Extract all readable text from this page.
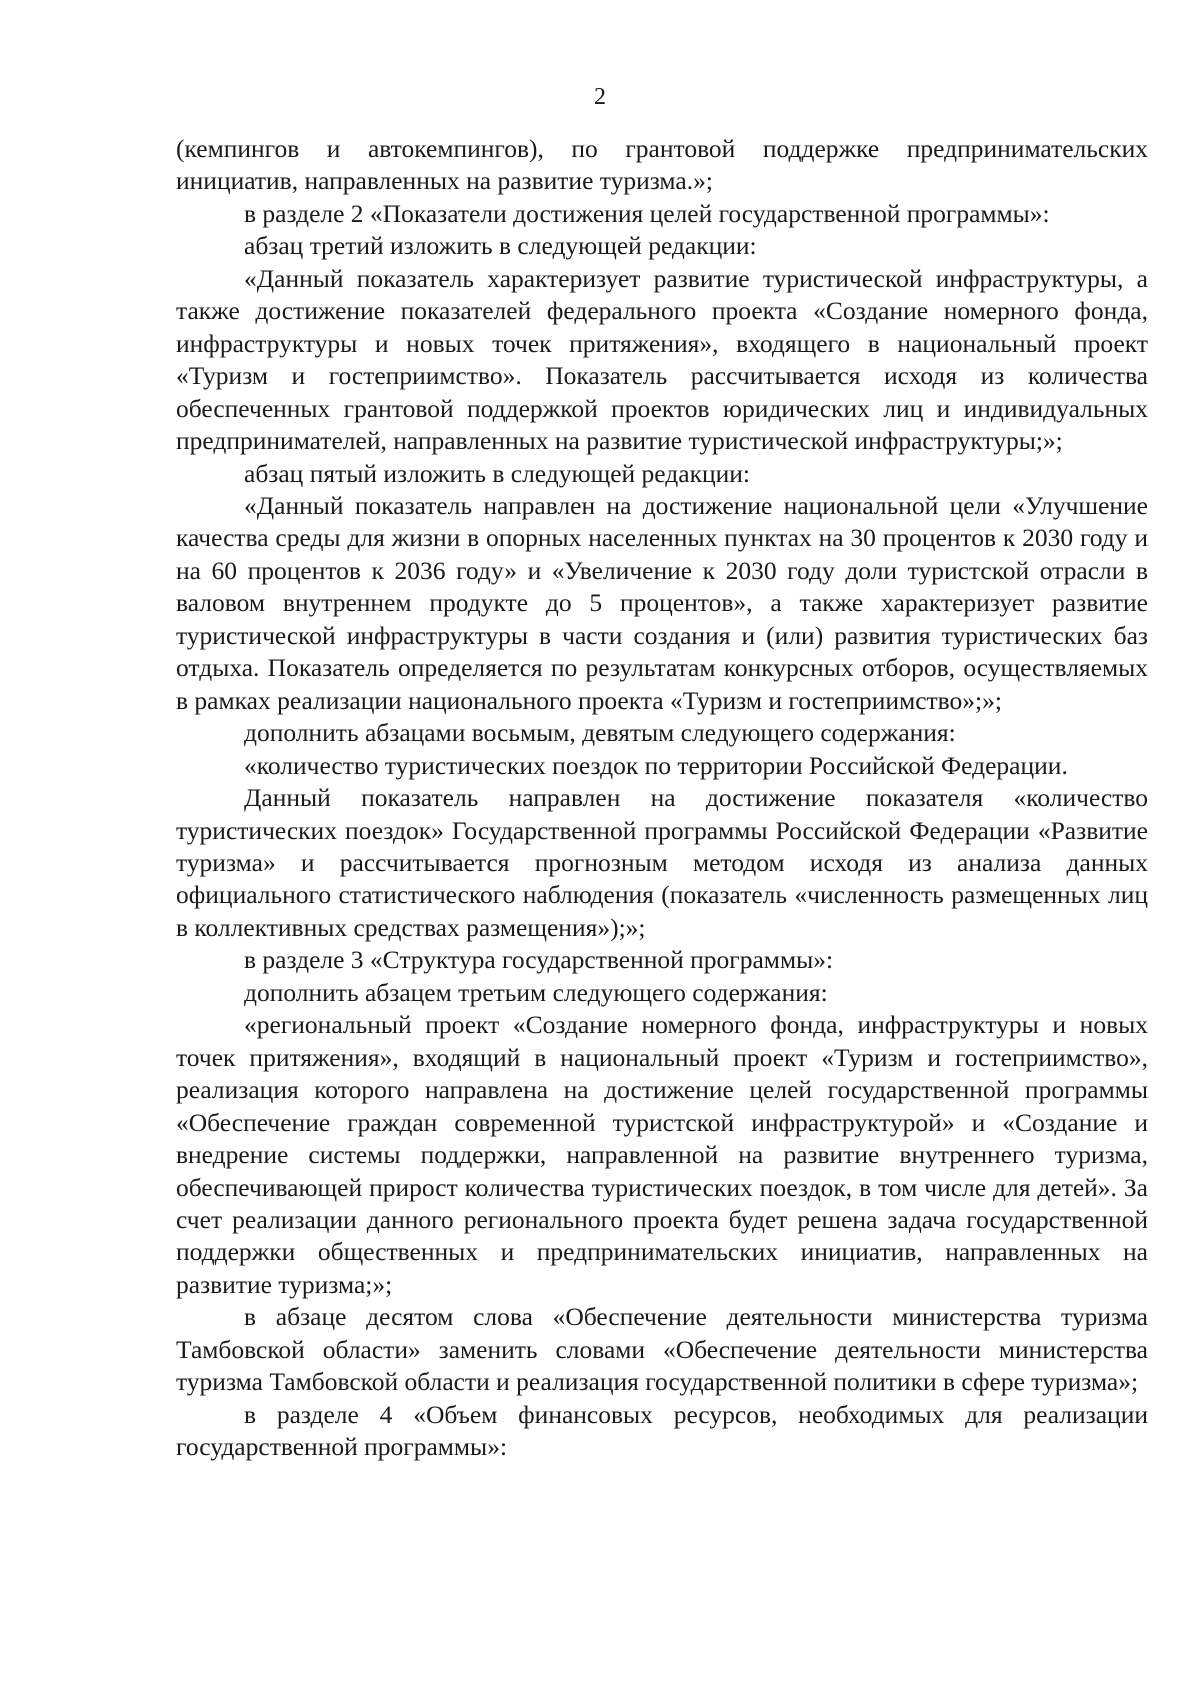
2

(кемпингов и автокемпингов), по грантовой поддержке предпринимательских инициатив, направленных на развитие туризма.»;

в разделе 2 «Показатели достижения целей государственной программы»:

абзац третий изложить в следующей редакции:

«Данный показатель характеризует развитие туристической инфраструктуры, а также достижение показателей федерального проекта «Создание номерного фонда, инфраструктуры и новых точек притяжения», входящего в национальный проект «Туризм и гостеприимство». Показатель рассчитывается исходя из количества обеспеченных грантовой поддержкой проектов юридических лиц и индивидуальных предпринимателей, направленных на развитие туристической инфраструктуры;»;

абзац пятый изложить в следующей редакции:

«Данный показатель направлен на достижение национальной цели «Улучшение качества среды для жизни в опорных населенных пунктах на 30 процентов к 2030 году и на 60 процентов к 2036 году» и «Увеличение к 2030 году доли туристской отрасли в валовом внутреннем продукте до 5 процентов», а также характеризует развитие туристической инфраструктуры в части создания и (или) развития туристических баз отдыха. Показатель определяется по результатам конкурсных отборов, осуществляемых в рамках реализации национального проекта «Туризм и гостеприимство»;»;

дополнить абзацами восьмым, девятым следующего содержания:

«количество туристических поездок по территории Российской Федерации.

Данный показатель направлен на достижение показателя «количество туристических поездок» Государственной программы Российской Федерации «Развитие туризма» и рассчитывается прогнозным методом исходя из анализа данных официального статистического наблюдения (показатель «численность размещенных лиц в коллективных средствах размещения»);»;

в разделе 3 «Структура государственной программы»:

дополнить абзацем третьим следующего содержания:

«региональный проект «Создание номерного фонда, инфраструктуры и новых точек притяжения», входящий в национальный проект «Туризм и гостеприимство», реализация которого направлена на достижение целей государственной программы «Обеспечение граждан современной туристской инфраструктурой» и «Создание и внедрение системы поддержки, направленной на развитие внутреннего туризма, обеспечивающей прирост количества туристических поездок, в том числе для детей». За счет реализации данного регионального проекта будет решена задача государственной поддержки общественных и предпринимательских инициатив, направленных на развитие туризма;»;

в абзаце десятом слова «Обеспечение деятельности министерства туризма Тамбовской области» заменить словами «Обеспечение деятельности министерства туризма Тамбовской области и реализация государственной политики в сфере туризма»;

в разделе 4 «Объем финансовых ресурсов, необходимых для реализации государственной программы»:
